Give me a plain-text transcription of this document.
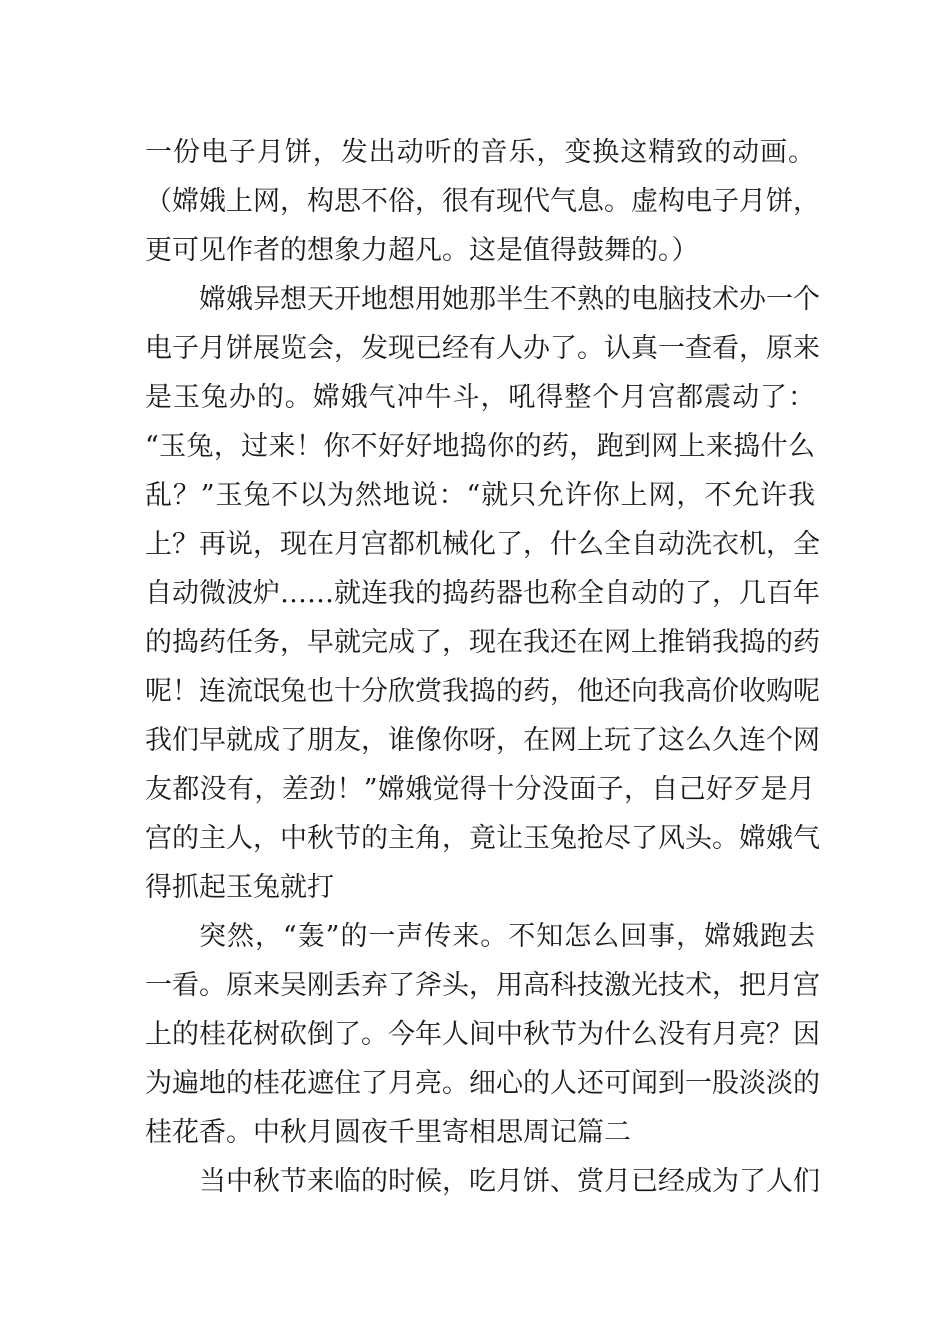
一份电子月饼，发出动听的音乐，变换这精致的动画。
（嫦娥上网，构思不俗，很有现代气息。虚构电子月饼，
更可见作者的想象力超凡。这是值得鼓舞的。）
嫦娥异想天开地想用她那半生不熟的电脑技术办一个
电子月饼展览会，发现已经有人办了。认真一查看，原来
是玉兔办的。嫦娥气冲牛斗，吼得整个月宫都震动了：
“玉兔，过来！你不好好地捣你的药，跑到网上来捣什么
乱？”玉兔不以为然地说：“就只允许你上网，不允许我
上？再说，现在月宫都机械化了，什么全自动洗衣机，全
自动微波炉……就连我的捣药器也称全自动的了，几百年
的捣药任务，早就完成了，现在我还在网上推销我捣的药
呢！连流氓兔也十分欣赏我捣的药，他还向我高价收购呢
我们早就成了朋友，谁像你呀，在网上玩了这么久连个网
友都没有，差劲！”嫦娥觉得十分没面子，自己好歹是月
宫的主人，中秋节的主角，竟让玉兔抢尽了风头。嫦娥气
得抓起玉兔就打
突然，“轰”的一声传来。不知怎么回事，嫦娥跑去
一看。原来吴刚丢弃了斧头，用高科技激光技术，把月宫
上的桂花树砍倒了。今年人间中秋节为什么没有月亮？因
为遍地的桂花遮住了月亮。细心的人还可闻到一股淡淡的
桂花香。中秋月圆夜千里寄相思周记篇二
当中秋节来临的时候，吃月饼、赏月已经成为了人们
